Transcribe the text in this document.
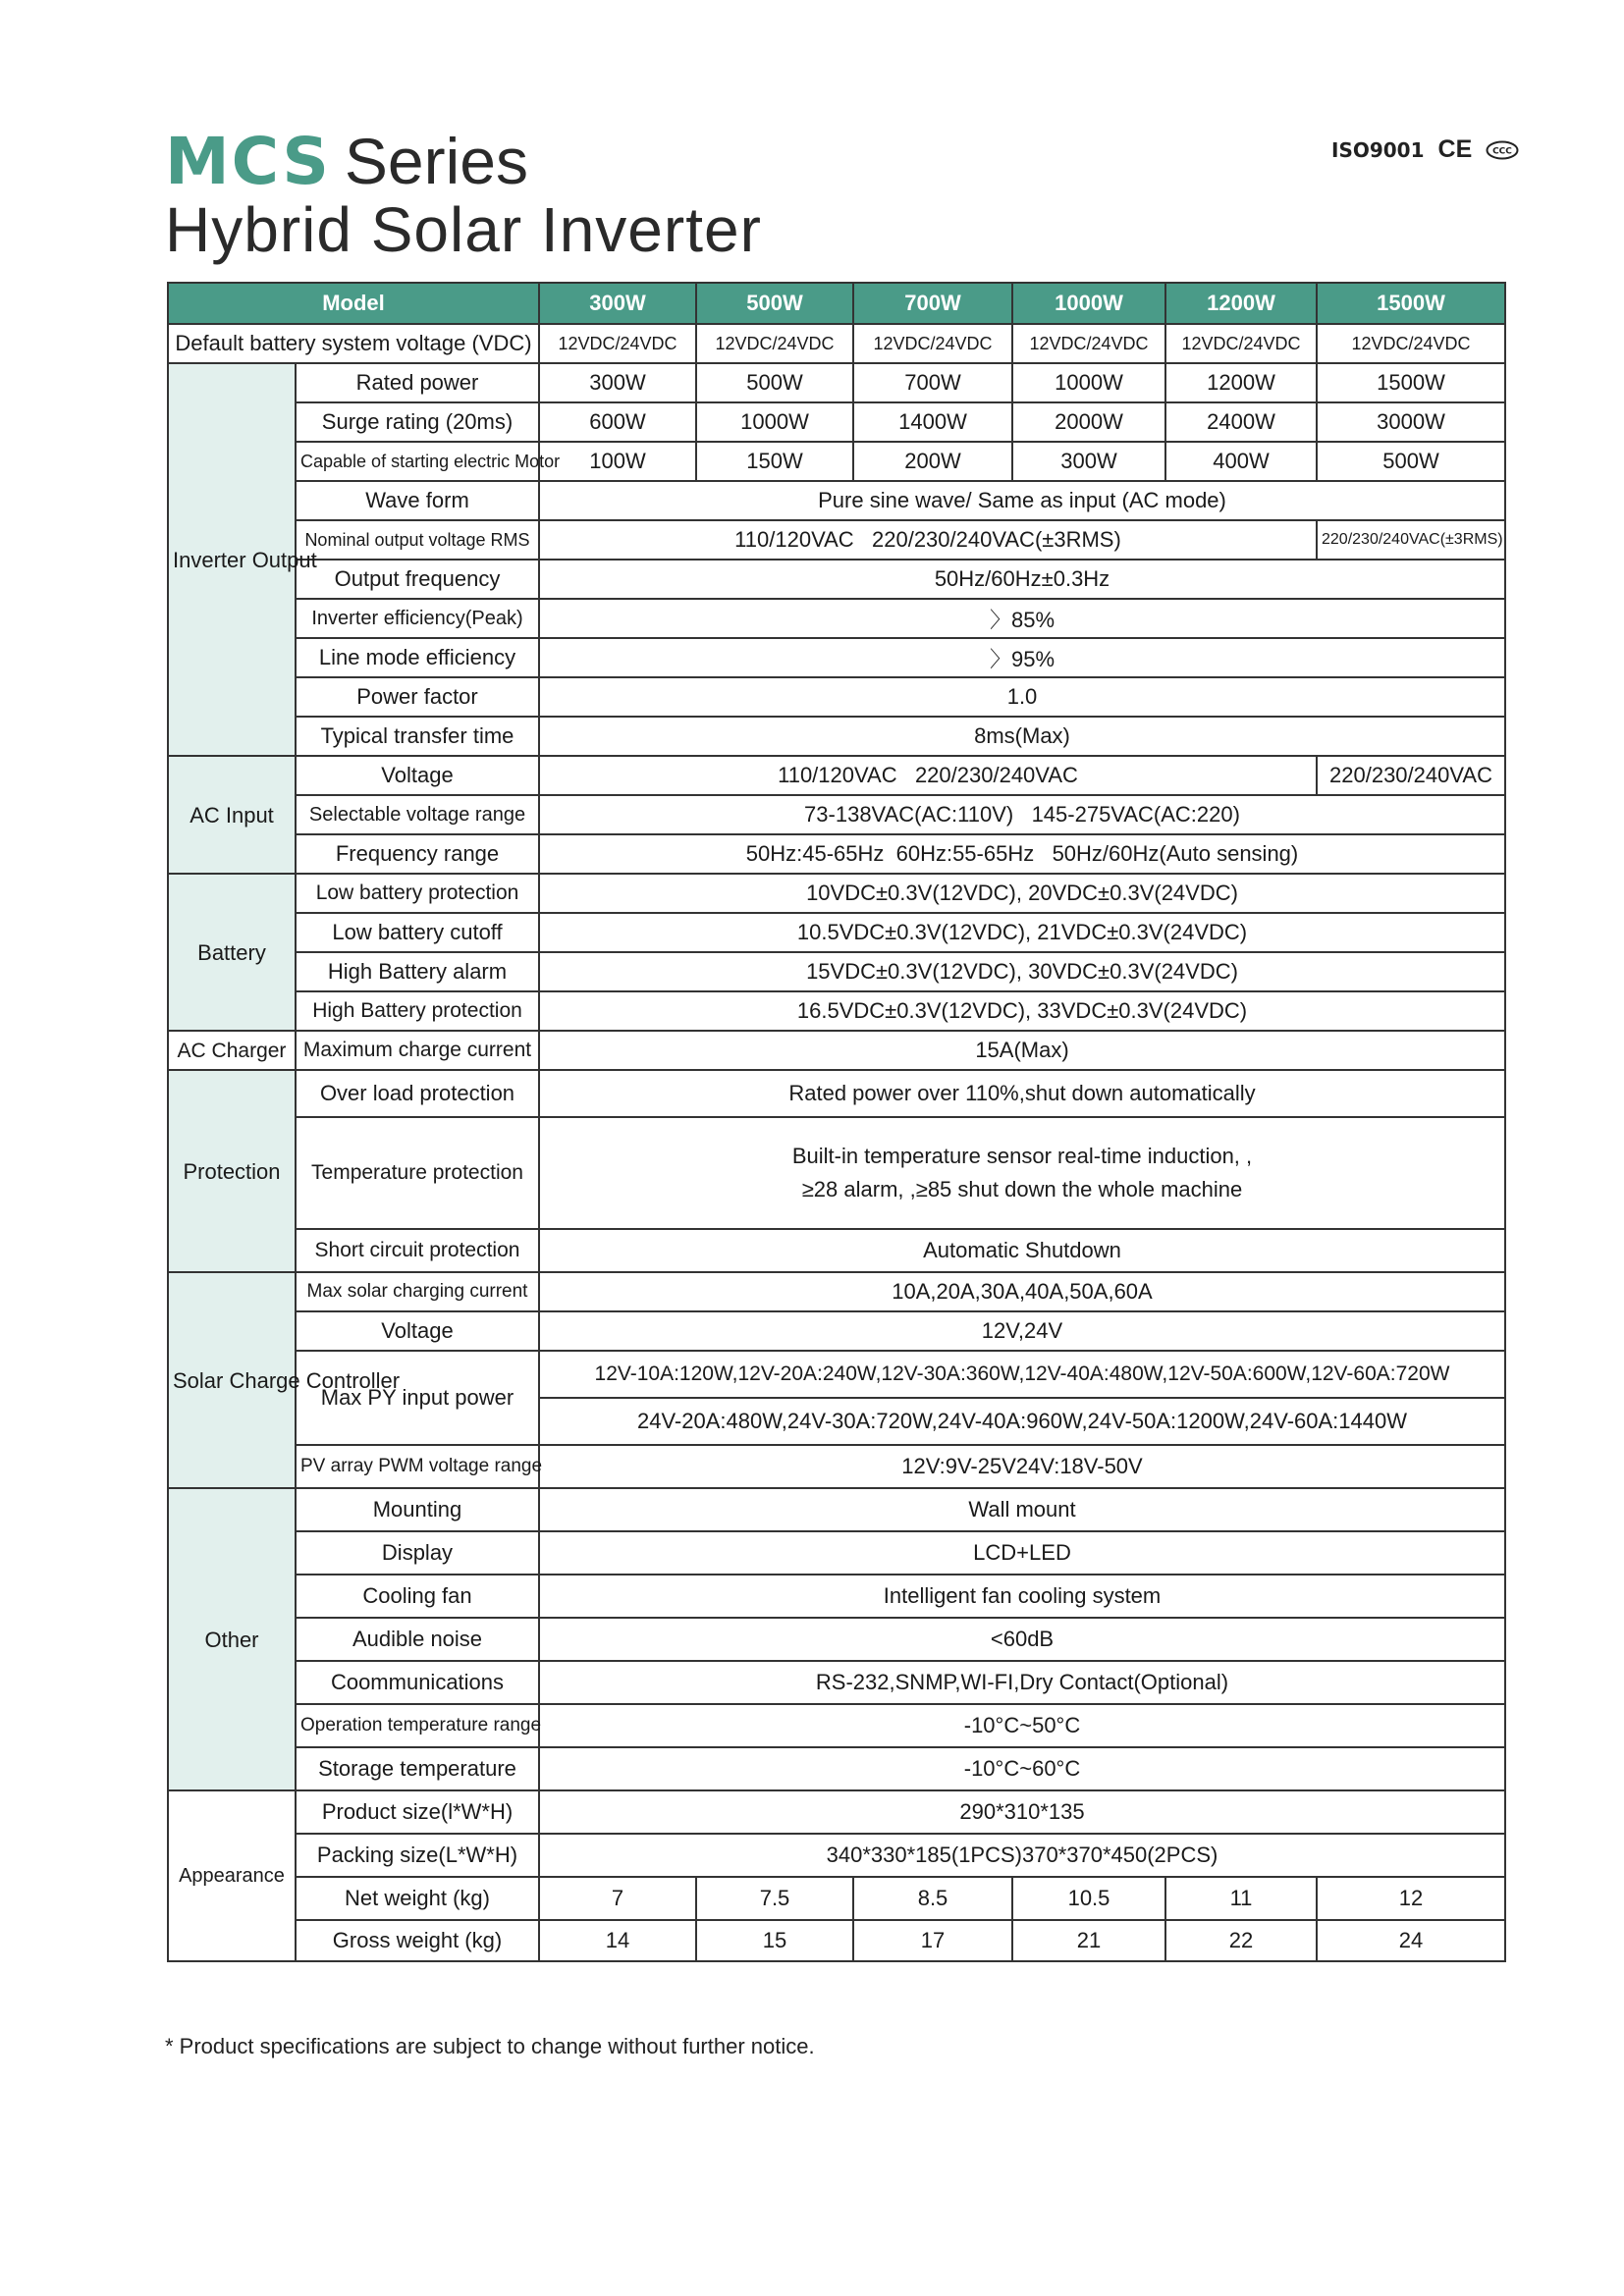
MCS Series
Hybrid Solar Inverter
ISO9001 CE CCC
Model		300W	500W	700W	1000W	1200W	1500W
Default battery system voltage (VDC)		12VDC/24VDC	12VDC/24VDC	12VDC/24VDC	12VDC/24VDC	12VDC/24VDC	12VDC/24VDC
Inverter Output	Rated power	300W	500W	700W	1000W	1200W	1500W
	Surge rating (20ms)	600W	1000W	1400W	2000W	2400W	3000W
	Capable of starting electric Motor	100W	150W	200W	300W	400W	500W
	Wave form	Pure sine wave/ Same as input (AC mode)					
	Nominal output voltage RMS	110/120VAC   220/230/240VAC(±3RMS)					220/230/240VAC(±3RMS)
	Output frequency	50Hz/60Hz±0.3Hz					
	Inverter efficiency(Peak)	〉85%					
	Line mode efficiency	〉95%					
	Power factor	1.0					
	Typical transfer time	8ms(Max)					
AC Input	Voltage	110/120VAC   220/230/240VAC					220/230/240VAC
	Selectable voltage range	73-138VAC(AC:110V)   145-275VAC(AC:220)					
	Frequency range	50Hz:45-65Hz  60Hz:55-65Hz   50Hz/60Hz(Auto sensing)					
Battery	Low battery protection	10VDC±0.3V(12VDC), 20VDC±0.3V(24VDC)					
	Low battery cutoff	10.5VDC±0.3V(12VDC), 21VDC±0.3V(24VDC)					
	High Battery alarm	15VDC±0.3V(12VDC), 30VDC±0.3V(24VDC)					
	High Battery protection	16.5VDC±0.3V(12VDC), 33VDC±0.3V(24VDC)					
AC Charger	Maximum charge current	15A(Max)					
Protection	Over load protection	Rated power over 110%,shut down automatically					
	Temperature protection	Built-in temperature sensor real-time induction, ,
≥28 alarm, ,≥85 shut down the whole machine					

	Short circuit protection	Automatic Shutdown					
Solar Charge Controller	Max solar charging current	10A,20A,30A,40A,50A,60A					
	Voltage	12V,24V					
	Max PY input power	12V-10A:120W,12V-20A:240W,12V-30A:360W,12V-40A:480W,12V-50A:600W,12V-60A:720W					
		24V-20A:480W,24V-30A:720W,24V-40A:960W,24V-50A:1200W,24V-60A:1440W					
	PV array PWM voltage range	12V:9V-25V24V:18V-50V					
Other	Mounting	Wall mount					
	Display	LCD+LED					
	Cooling fan	Intelligent fan cooling system					
	Audible noise	<60dB					
	Coommunications	RS-232,SNMP,WI-FI,Dry Contact(Optional)					
	Operation temperature range	-10°C~50°C					
	Storage temperature	-10°C~60°C					
Appearance	Product size(l*W*H)	290*310*135					
	Packing size(L*W*H)	340*330*185(1PCS)370*370*450(2PCS)					
	Net weight (kg)	7	7.5	8.5	10.5	11	12
	Gross weight (kg)	14	15	17	21	22	24
* Product specifications are subject to change without further notice.
